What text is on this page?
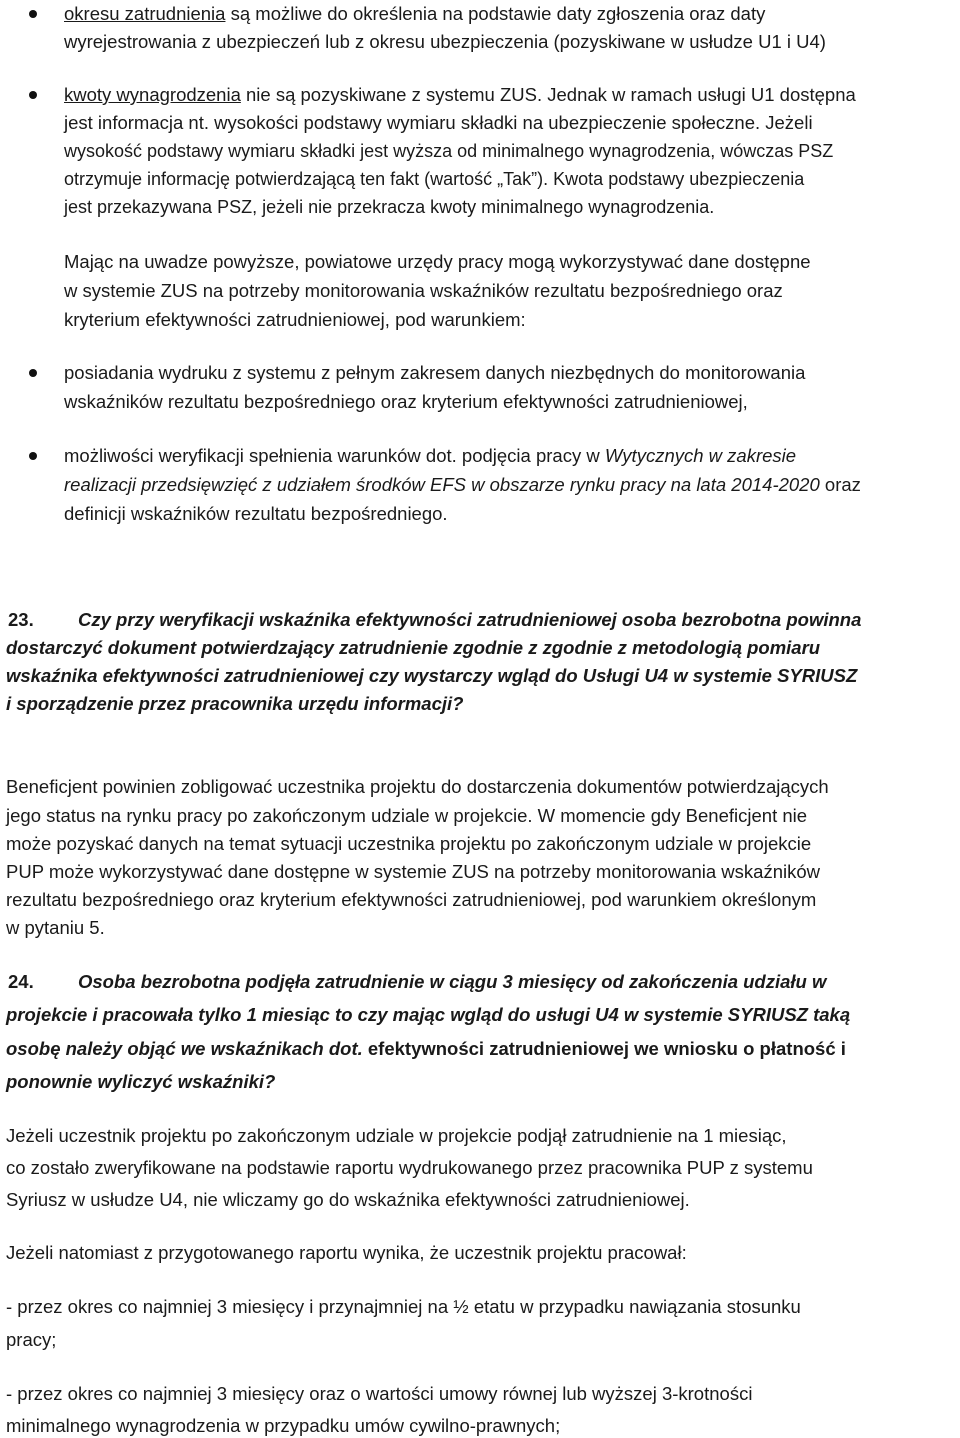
okresu zatrudnienia są możliwe do określenia na podstawie daty zgłoszenia oraz daty
wyrejestrowania z ubezpieczeń lub z okresu ubezpieczenia (pozyskiwane w usłudze U1 i U4)
kwoty wynagrodzenia nie są pozyskiwane z systemu ZUS. Jednak w ramach usługi U1 dostępna
jest informacja nt. wysokości podstawy wymiaru składki na ubezpieczenie społeczne. Jeżeli
wysokość podstawy wymiaru składki jest wyższa od minimalnego wynagrodzenia, wówczas PSZ
otrzymuje informację potwierdzającą ten fakt (wartość „Tak”). Kwota podstawy ubezpieczenia
jest przekazywana PSZ, jeżeli nie przekracza kwoty minimalnego wynagrodzenia.
Mając na uwadze powyższe, powiatowe urzędy pracy mogą wykorzystywać dane dostępne
w systemie ZUS na potrzeby monitorowania wskaźników rezultatu bezpośredniego oraz
kryterium efektywności zatrudnieniowej, pod warunkiem:
posiadania wydruku z systemu z pełnym zakresem danych niezbędnych do monitorowania
wskaźników rezultatu bezpośredniego oraz kryterium efektywności zatrudnieniowej,
możliwości weryfikacji spełnienia warunków dot. podjęcia pracy w Wytycznych w zakresie
realizacji przedsięwzięć z udziałem środków EFS w obszarze rynku pracy na lata 2014-2020 oraz
definicji wskaźników rezultatu bezpośredniego.
23. Czy przy weryfikacji wskaźnika efektywności zatrudnieniowej osoba bezrobotna powinna
dostarczyć dokument potwierdzający zatrudnienie zgodnie z zgodnie z metodologią pomiaru
wskaźnika efektywności zatrudnieniowej czy wystarczy wgląd do Usługi U4 w systemie SYRIUSZ
i sporządzenie przez pracownika urzędu informacji?
Beneficjent powinien zobligować uczestnika projektu do dostarczenia dokumentów potwierdzających
jego status na rynku pracy po zakończonym udziale w projekcie. W momencie gdy Beneficjent nie
może pozyskać danych na temat sytuacji uczestnika projektu po zakończonym udziale w projekcie
PUP może wykorzystywać dane dostępne w systemie ZUS na potrzeby monitorowania wskaźników
rezultatu bezpośredniego oraz kryterium efektywności zatrudnieniowej, pod warunkiem określonym
w pytaniu 5.
24. Osoba bezrobotna podjęła zatrudnienie w ciągu 3 miesięcy od zakończenia udziału w
projekcie i pracowała tylko 1 miesiąc to czy mając wgląd do usługi U4 w systemie SYRIUSZ taką
osobę należy objąć we wskaźnikach dot. efektywności zatrudnieniowej we wniosku o płatność i
ponownie wyliczyć wskaźniki?
Jeżeli uczestnik projektu po zakończonym udziale w projekcie podjął zatrudnienie na 1 miesiąc,
co zostało zweryfikowane na podstawie raportu wydrukowanego przez pracownika PUP z systemu
Syriusz w usłudze U4, nie wliczamy go do wskaźnika efektywności zatrudnieniowej.
Jeżeli natomiast z przygotowanego raportu wynika, że uczestnik projektu pracował:
- przez okres co najmniej 3 miesięcy i przynajmniej na ½ etatu w przypadku nawiązania stosunku
pracy;
- przez okres co najmniej 3 miesięcy oraz o wartości umowy równej lub wyższej 3-krotności
minimalnego wynagrodzenia w przypadku umów cywilno-prawnych;
